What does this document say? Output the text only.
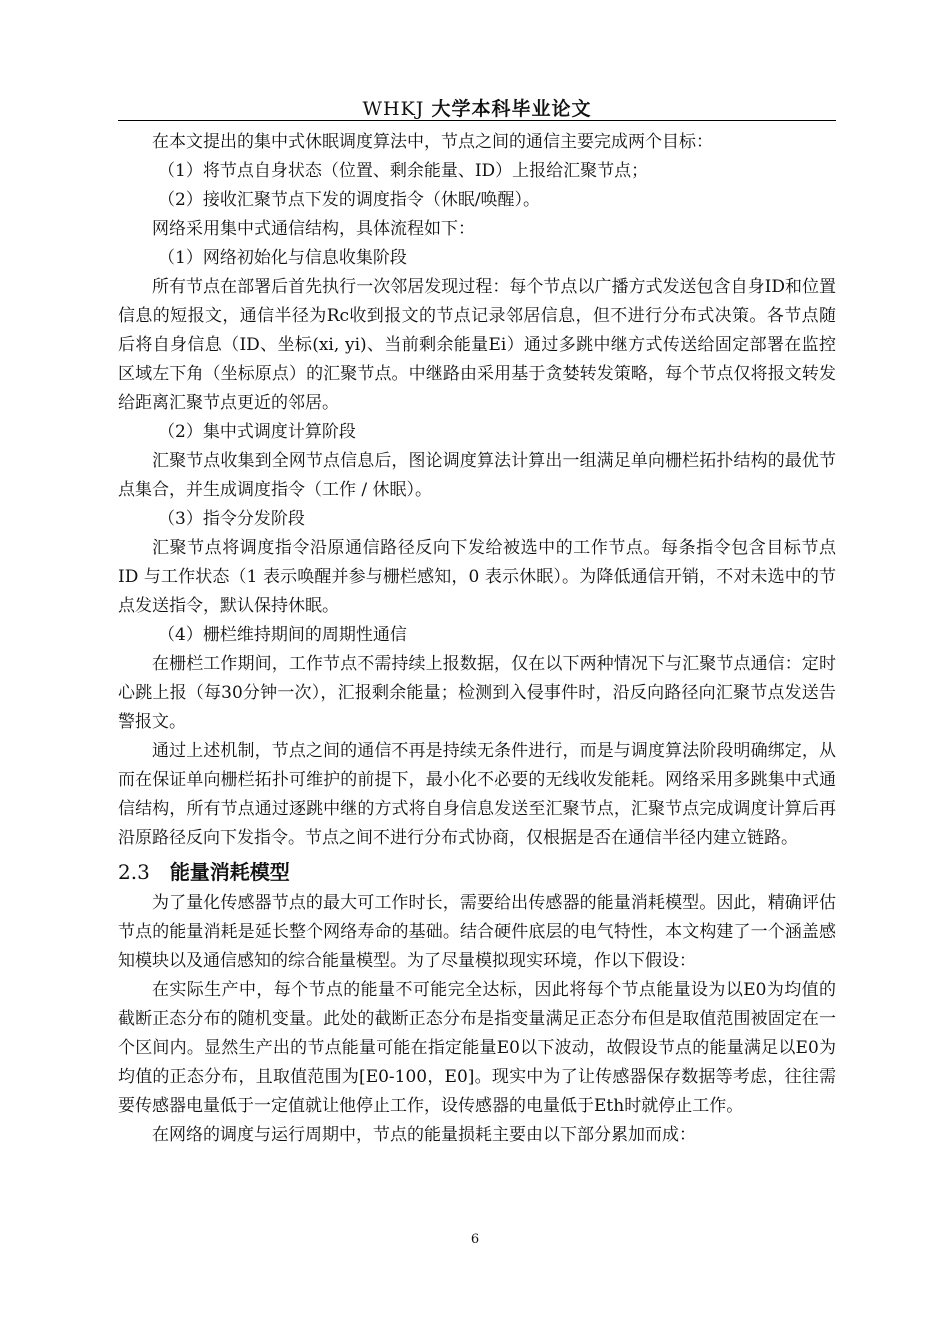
WHKJ 大学本科毕业论文

在本文提出的集中式休眠调度算法中，节点之间的通信主要完成两个目标：

（1）将节点自身状态（位置、剩余能量、ID）上报给汇聚节点；

（2）接收汇聚节点下发的调度指令（休眠/唤醒）。

网络采用集中式通信结构，具体流程如下：

（1）网络初始化与信息收集阶段

所有节点在部署后首先执行一次邻居发现过程：每个节点以广播方式发送包含自身ID和位置信息的短报文，通信半径为Rc收到报文的节点记录邻居信息，但不进行分布式决策。各节点随后将自身信息（ID、坐标(xi, yi)、当前剩余能量Ei）通过多跳中继方式传送给固定部署在监控区域左下角（坐标原点）的汇聚节点。中继路由采用基于贪婪转发策略，每个节点仅将报文转发给距离汇聚节点更近的邻居。

（2）集中式调度计算阶段

汇聚节点收集到全网节点信息后，图论调度算法计算出一组满足单向栅栏拓扑结构的最优节点集合，并生成调度指令（工作 / 休眠）。

（3）指令分发阶段

汇聚节点将调度指令沿原通信路径反向下发给被选中的工作节点。每条指令包含目标节点 ID 与工作状态（1 表示唤醒并参与栅栏感知，0 表示休眠）。为降低通信开销，不对未选中的节点发送指令，默认保持休眠。

（4）栅栏维持期间的周期性通信

在栅栏工作期间，工作节点不需持续上报数据，仅在以下两种情况下与汇聚节点通信：定时心跳上报（每30分钟一次），汇报剩余能量；检测到入侵事件时，沿反向路径向汇聚节点发送告警报文。

通过上述机制，节点之间的通信不再是持续无条件进行，而是与调度算法阶段明确绑定，从而在保证单向栅栏拓扑可维护的前提下，最小化不必要的无线收发能耗。网络采用多跳集中式通信结构，所有节点通过逐跳中继的方式将自身信息发送至汇聚节点，汇聚节点完成调度计算后再沿原路径反向下发指令。节点之间不进行分布式协商，仅根据是否在通信半径内建立链路。

2.3 能量消耗模型

为了量化传感器节点的最大可工作时长，需要给出传感器的能量消耗模型。因此，精确评估节点的能量消耗是延长整个网络寿命的基础。结合硬件底层的电气特性，本文构建了一个涵盖感知模块以及通信感知的综合能量模型。为了尽量模拟现实环境，作以下假设：

在实际生产中，每个节点的能量不可能完全达标，因此将每个节点能量设为以E0为均值的截断正态分布的随机变量。此处的截断正态分布是指变量满足正态分布但是取值范围被固定在一个区间内。显然生产出的节点能量可能在指定能量E0以下波动，故假设节点的能量满足以E0为均值的正态分布，且取值范围为[E0-100，E0]。现实中为了让传感器保存数据等考虑，往往需要传感器电量低于一定值就让他停止工作，设传感器的电量低于Eth时就停止工作。

在网络的调度与运行周期中，节点的能量损耗主要由以下部分累加而成：

6
